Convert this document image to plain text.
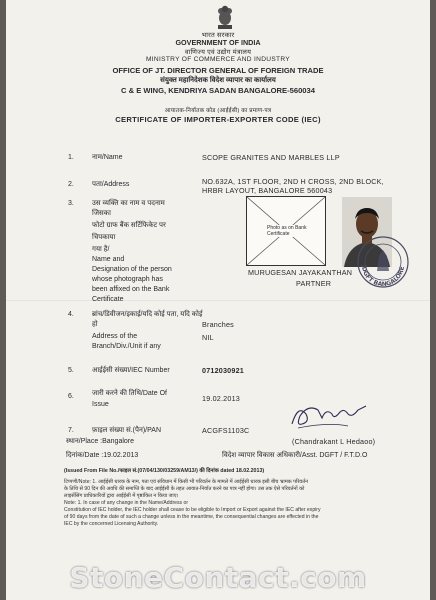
भारत सरकार
GOVERNMENT OF INDIA
वाणिज्य एवं उद्योग मंत्रालय
MINISTRY OF COMMERCE AND INDUSTRY
OFFICE OF JT. DIRECTOR GENERAL OF FOREIGN TRADE
संयुक्त महानिदेशक विदेश व्यापार का कार्यालय
C & E WING, KENDRIYA SADAN BANGALORE-560034
आयातक-निर्यातक कोड (आईईसी) का प्रमाण-पत्र
CERTIFICATE OF IMPORTER-EXPORTER CODE (IEC)
1.	नाम/Name	SCOPE GRANITES AND MARBLES LLP
2.	पता/Address	NO.632A, 1ST FLOOR, 2ND H CROSS, 2ND BLOCK,
HRBR LAYOUT, BANGALORE 560043
3.	उस व्यक्ति का नाम व पदनाम
जिसका
फोटो ग्राफ बैंक सर्टिफिकेट पर
चिपकाया
गया है/
Name and
Designation of the person
whose photograph has
been affixed on the Bank
Certificate
Photo as on Bank Certificate
JDGFT BANGALORE
MURUGESAN JAYAKANTHAN
PARTNER
4.	ब्रांच/डिवीजन/इकाई/यदि कोई पता, यदि कोई
हो
Address of the
Branch/Div./Unit if any
Branches
NIL
5.	आईईसी संख्या/IEC Number	0712030921
6.	जारी करने की तिथि/Date Of
Issue
19.02.2013
7.	फ़ाइल संख्या सं.(पैन)/PAN	ACGFS1103C
स्थान/Place :Bangalore
दिनांक/Date :19.02.2013
(Chandrakant L Hedaoo)
विदेश व्यापार विकास अधिकारी/Asst. DGFT / F.T.D.O
(Issued From File No./फाइल सं.(07/04/130/03259/AM13/) की दिनांक dated 18.02.2013)
टिप्पणी/Note: 1. आईईसी धारक के नाम, पता एवं संविधान में किसी भी परिवर्तन के मामले में आईईसी धारक इसी बीच भ्रामक परिवर्तन
के तिथि से 90 दिन की अवधि की समाप्ति के बाद आईईसी के तहत आयात-निर्यात करने का पात्र नहीं होगा। उस तक ऐसे परिवर्तनों को
लाइसेंसिंग प्राधिकारियों द्वारा आईईसी में पृष्ठांकित न किया जाए।
Note: 1. In case of any change in the Name/Address or
Constitution of IEC holder, the IEC holder shall cease to be eligible to Import or Export against the IEC after expiry
of 90 days from the date of such a change unless in the meantime, the consequential changes are effected in the
IEC by the concerned Licensing Authority.
StoneContact.com
